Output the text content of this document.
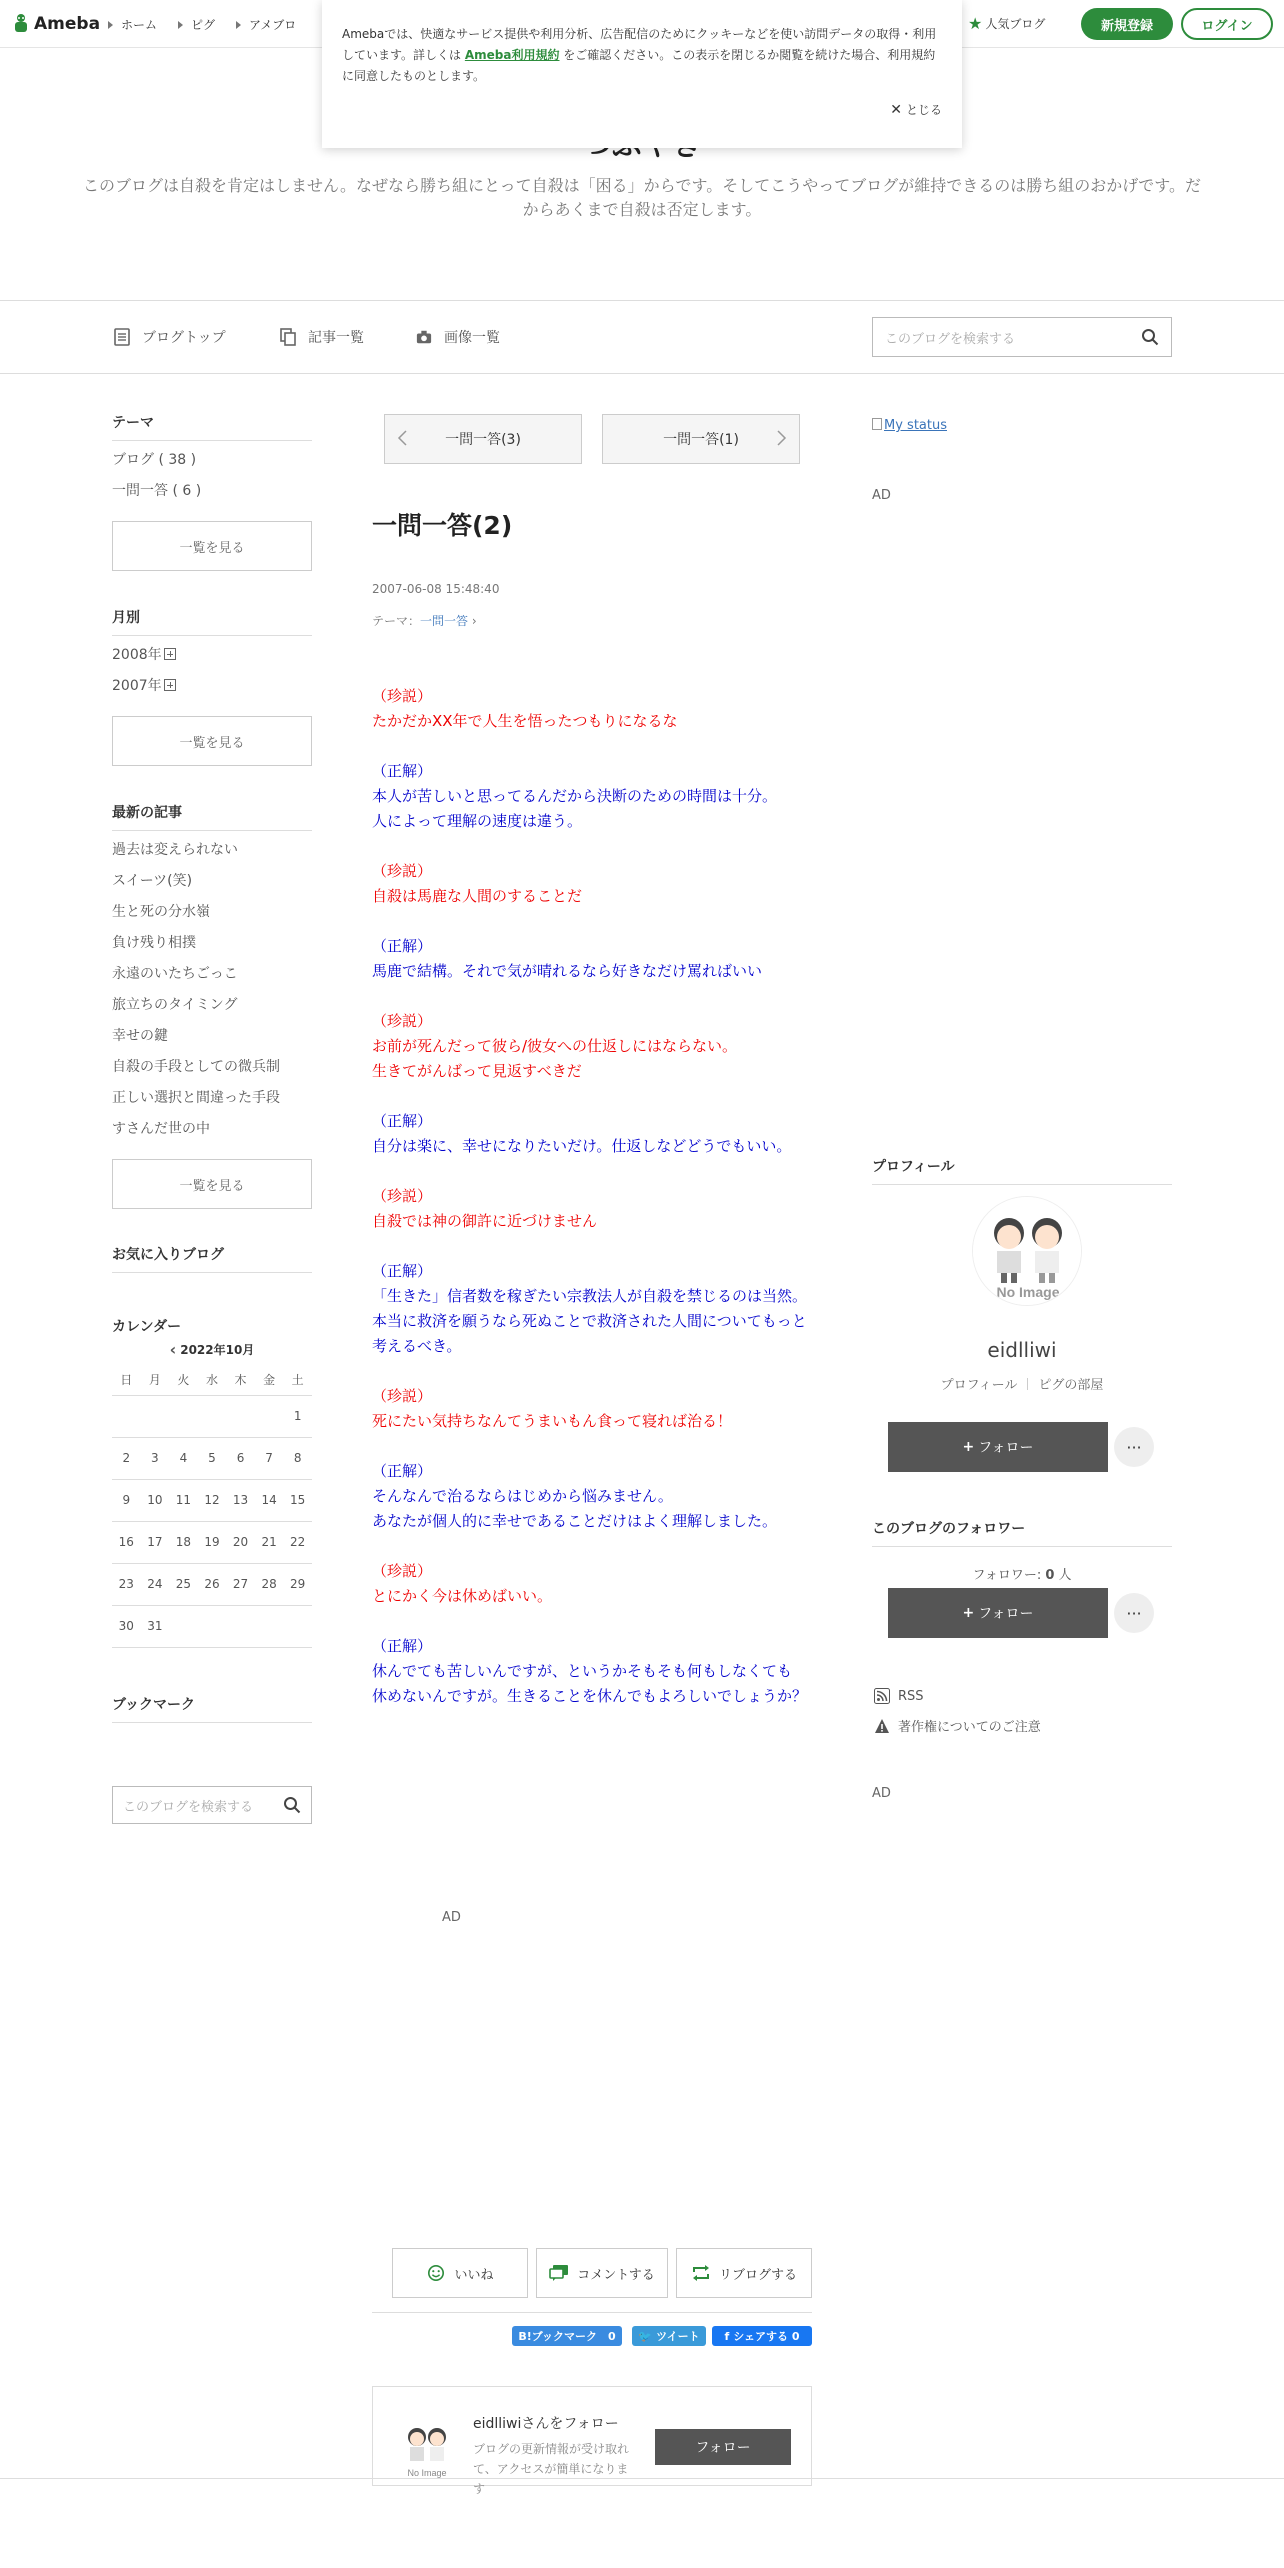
Ameba ホーム	ピグ	アメブロ	★ 人気ブログ	新規登録	ログイン
Amebaでは、快適なサービス提供や利用分析、広告配信のためにクッキーなどを使い訪問データの取得・利用しています。詳しくは Ameba利用規約 をご確認ください。この表示を閉じるか閲覧を続けた場合、利用規約に同意したものとします。
✕ とじる

このブログは自殺を肯定はしません。なぜなら勝ち組にとって自殺は「困る」からです。そしてこうやってブログが維持できるのは勝ち組のおかげです。だからあくまで自殺は否定します。

ブログトップ	記事一覧	画像一覧	このブログを検索する
テーマ
ブログ ( 38 )
一問一答 ( 6 )
一覧を見る
月別
2008年
2007年
一覧を見る
最新の記事
過去は変えられない
スイーツ(笑)
生と死の分水嶺
負け残り相撲
永遠のいたちごっこ
旅立ちのタイミング
幸せの鍵
自殺の手段としての微兵制
正しい選択と間違った手段
すさんだ世の中
一覧を見る
お気に入りブログ
カレンダー
‹ 2022年10月
日	月	火	水	木	金	土
						1
2	3	4	5	6	7	8
9	10	11	12	13	14	15
16	17	18	19	20	21	22
23	24	25	26	27	28	29
30	31					
ブックマーク
このブログを検索する
一問一答(3)	一問一答(1)
一問一答(2)
2007-06-08 15:48:40
テーマ：一問一答 ›

（珍説）
たかだかXX年で人生を悟ったつもりになるな

（正解）
本人が苦しいと思ってるんだから決断のための時間は十分。
人によって理解の速度は違う。

（珍説）
自殺は馬鹿な人間のすることだ

（正解）
馬鹿で結構。それで気が晴れるなら好きなだけ罵ればいい

（珍説）
お前が死んだって彼ら/彼女への仕返しにはならない。
生きてがんばって見返すべきだ

（正解）
自分は楽に、幸せになりたいだけ。仕返しなどどうでもいい。

（珍説）
自殺では神の御許に近づけません

（正解）
「生きた」信者数を稼ぎたい宗教法人が自殺を禁じるのは当然。
本当に救済を願うなら死ぬことで救済された人間についてもっと
考えるべき。

（珍説）
死にたい気持ちなんてうまいもん食って寝れば治る！

（正解）
そんなんで治るならはじめから悩みません。
あなたが個人的に幸せであることだけはよく理解しました。

（珍説）
とにかく今は休めばいい。

（正解）
休んでても苦しいんですが、というかそもそも何もしなくても
休めないんですが。生きることを休んでもよろしいでしょうか？

AD
いいね	コメントする	リブログする
B!ブックマーク　0	🐦 ツイート f シェアする 0
No Image
eidlliwiさんをフォロー
ブログの更新情報が受け取れて、アクセスが簡単になります
フォロー
My status
AD
プロフィール
No Image
eidlliwi
プロフィール ピグの部屋
+ フォロー	···
このブログのフォロワー
フォロワー: 0 人
+ フォロー	···
RSS
著作権についてのご注意
AD
